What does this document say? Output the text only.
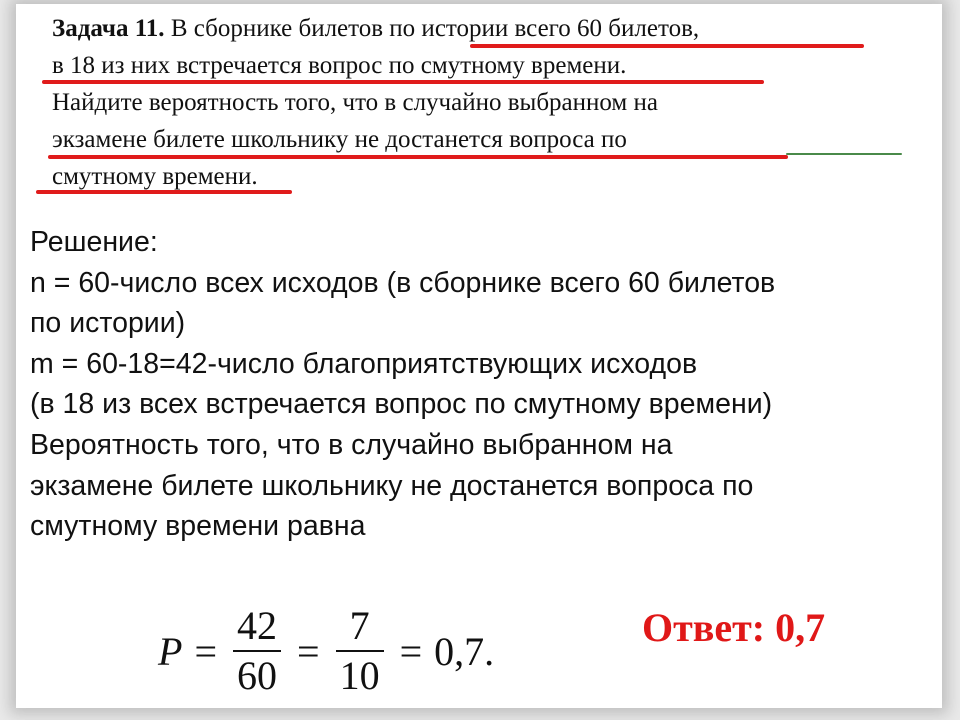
Задача 11. В сборнике билетов по истории всего 60 билетов,
в 18 из них встречается вопрос по смутному времени.
Найдите вероятность того, что в случайно выбранном на
экзамене билете школьнику не достанется вопроса по
смутному времени.
Решение:
n = 60-число всех исходов (в сборнике всего 60 билетов
по истории)
m = 60-18=42-число благоприятствующих исходов
(в 18 из всех встречается вопрос по смутному времени)
Вероятность того, что в случайно выбранном на
экзамене билете школьнику не достанется вопроса по
смутному времени равна
$P = \frac{42}{60} = \frac{7}{10} = 0,7$.
Ответ: 0,7
